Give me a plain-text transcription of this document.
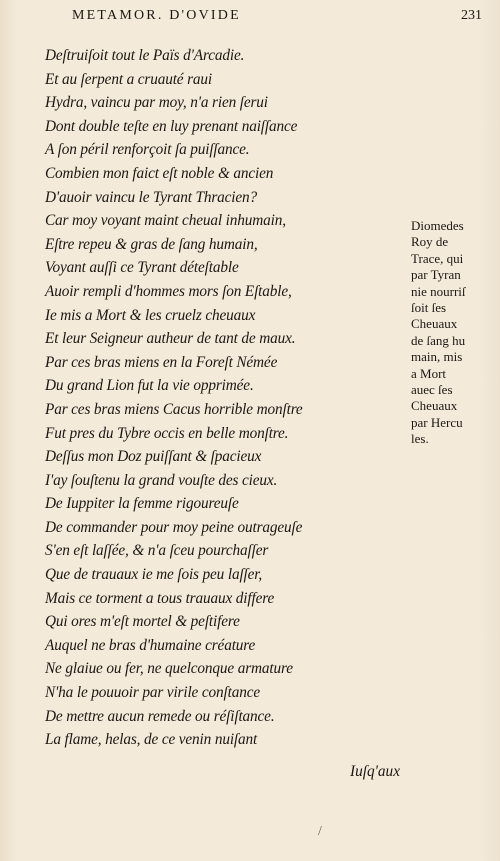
METAMOR. D'OVIDE	231
Deſtruiſoit tout le Païs d'Arcadie.
Et au ſerpent a cruauté raui
Hydra, vaincu par moy, n'a rien ſerui
Dont double teſte en luy prenant naiſſance
A ſon péril renforçoit ſa puiſſance.
Combien mon faict eſt noble & ancien
D'auoir vaincu le Tyrant Thracien?
Car moy voyant maint cheual inhumain,
Eſtre repeu & gras de ſang humain,
Voyant auſſi ce Tyrant déteſtable
Auoir rempli d'hommes mors ſon Eſtable,
Ie mis a Mort & les cruelz cheuaux
Et leur Seigneur autheur de tant de maux.
Par ces bras miens en la Foreſt Némée
Du grand Lion fut la vie opprimée.
Par ces bras miens Cacus horrible monſtre
Fut pres du Tybre occis en belle monſtre.
Deſſus mon Doz puiſſant & ſpacieux
I'ay ſouſtenu la grand vouſte des cieux.
De Iuppiter la femme rigoureuſe
De commander pour moy peine outrageuſe
S'en eſt laſſée, & n'a ſceu pourchaſſer
Que de trauaux ie me ſois peu laſſer,
Mais ce torment a tous trauaux differe
Qui ores m'eſt mortel & peſtifere
Auquel ne bras d'humaine créature
Ne glaiue ou fer, ne quelconque armature
N'ha le pouuoir par virile conſtance
De mettre aucun remede ou réſiſtance.
La flame, helas, de ce venin nuiſant
Iuſq'aux
Diomedes
Roy de
Trace, qui
par Tyran
nie nourriſ
ſoit ſes
Cheuaux
de ſang hu
main, mis
a Mort
auec ſes
Cheuaux
par Hercu
les.
/
